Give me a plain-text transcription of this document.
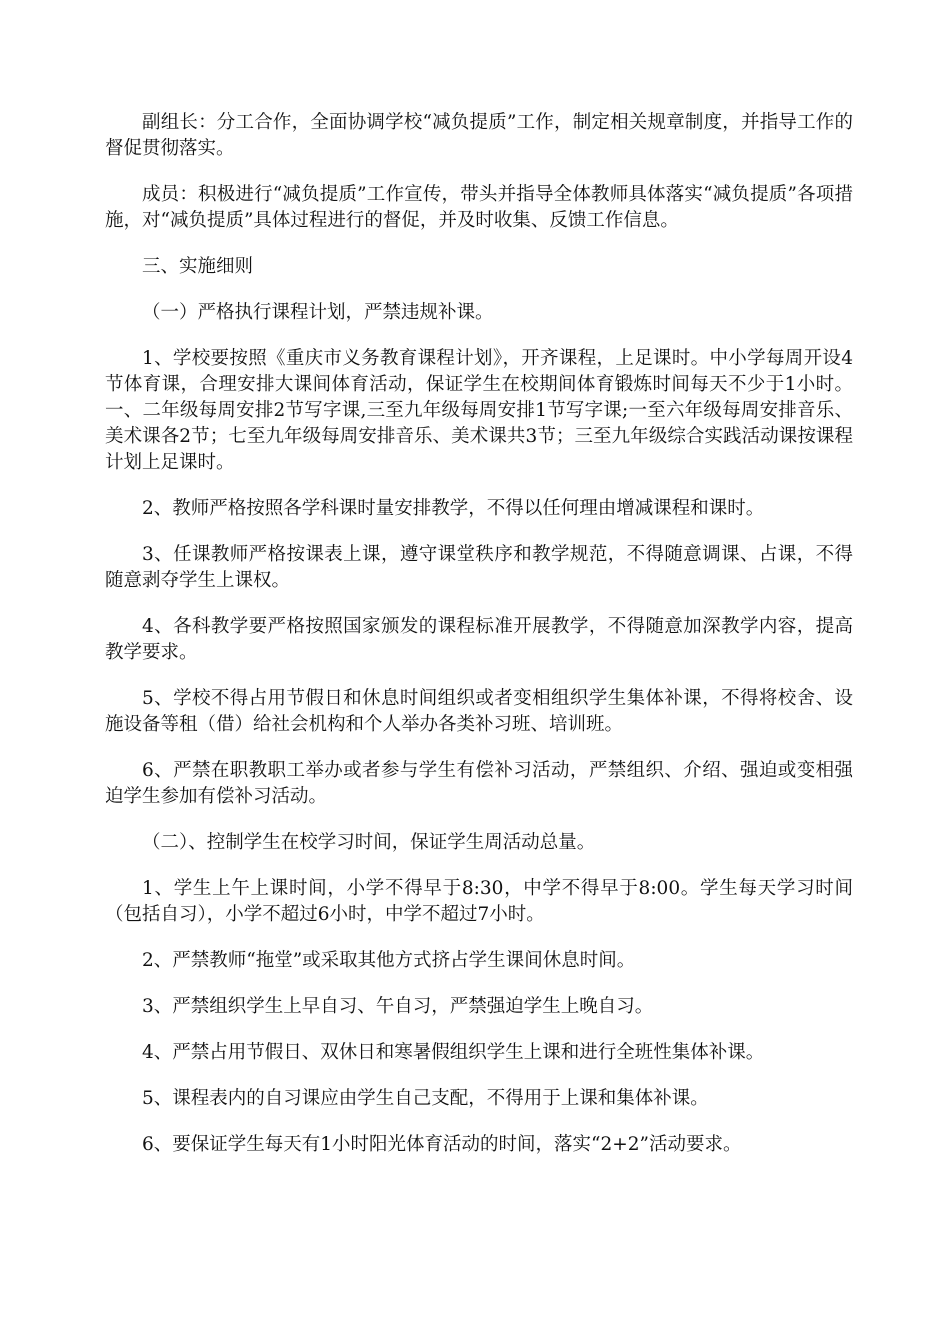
副组长：分工合作，全面协调学校“减负提质”工作，制定相关规章制度，并指导工作的督促贯彻落实。

成员：积极进行“减负提质”工作宣传，带头并指导全体教师具体落实“减负提质”各项措施，对“减负提质”具体过程进行的督促，并及时收集、反馈工作信息。

三、实施细则

（一）严格执行课程计划，严禁违规补课。

1、学校要按照《重庆市义务教育课程计划》，开齐课程，上足课时。中小学每周开设4节体育课，合理安排大课间体育活动，保证学生在校期间体育锻炼时间每天不少于1小时。一、二年级每周安排2节写字课,三至九年级每周安排1节写字课;一至六年级每周安排音乐、美术课各2节；七至九年级每周安排音乐、美术课共3节；三至九年级综合实践活动课按课程计划上足课时。

2、教师严格按照各学科课时量安排教学，不得以任何理由增减课程和课时。

3、任课教师严格按课表上课，遵守课堂秩序和教学规范，不得随意调课、占课，不得随意剥夺学生上课权。

4、各科教学要严格按照国家颁发的课程标准开展教学，不得随意加深教学内容，提高教学要求。

5、学校不得占用节假日和休息时间组织或者变相组织学生集体补课，不得将校舍、设施设备等租（借）给社会机构和个人举办各类补习班、培训班。

6、严禁在职教职工举办或者参与学生有偿补习活动，严禁组织、介绍、强迫或变相强迫学生参加有偿补习活动。

（二）、控制学生在校学习时间，保证学生周活动总量。

1、学生上午上课时间，小学不得早于8:30，中学不得早于8:00。学生每天学习时间（包括自习），小学不超过6小时，中学不超过7小时。

2、严禁教师“拖堂”或采取其他方式挤占学生课间休息时间。

3、严禁组织学生上早自习、午自习，严禁强迫学生上晚自习。

4、严禁占用节假日、双休日和寒暑假组织学生上课和进行全班性集体补课。

5、课程表内的自习课应由学生自己支配，不得用于上课和集体补课。

6、要保证学生每天有1小时阳光体育活动的时间，落实“2+2”活动要求。
